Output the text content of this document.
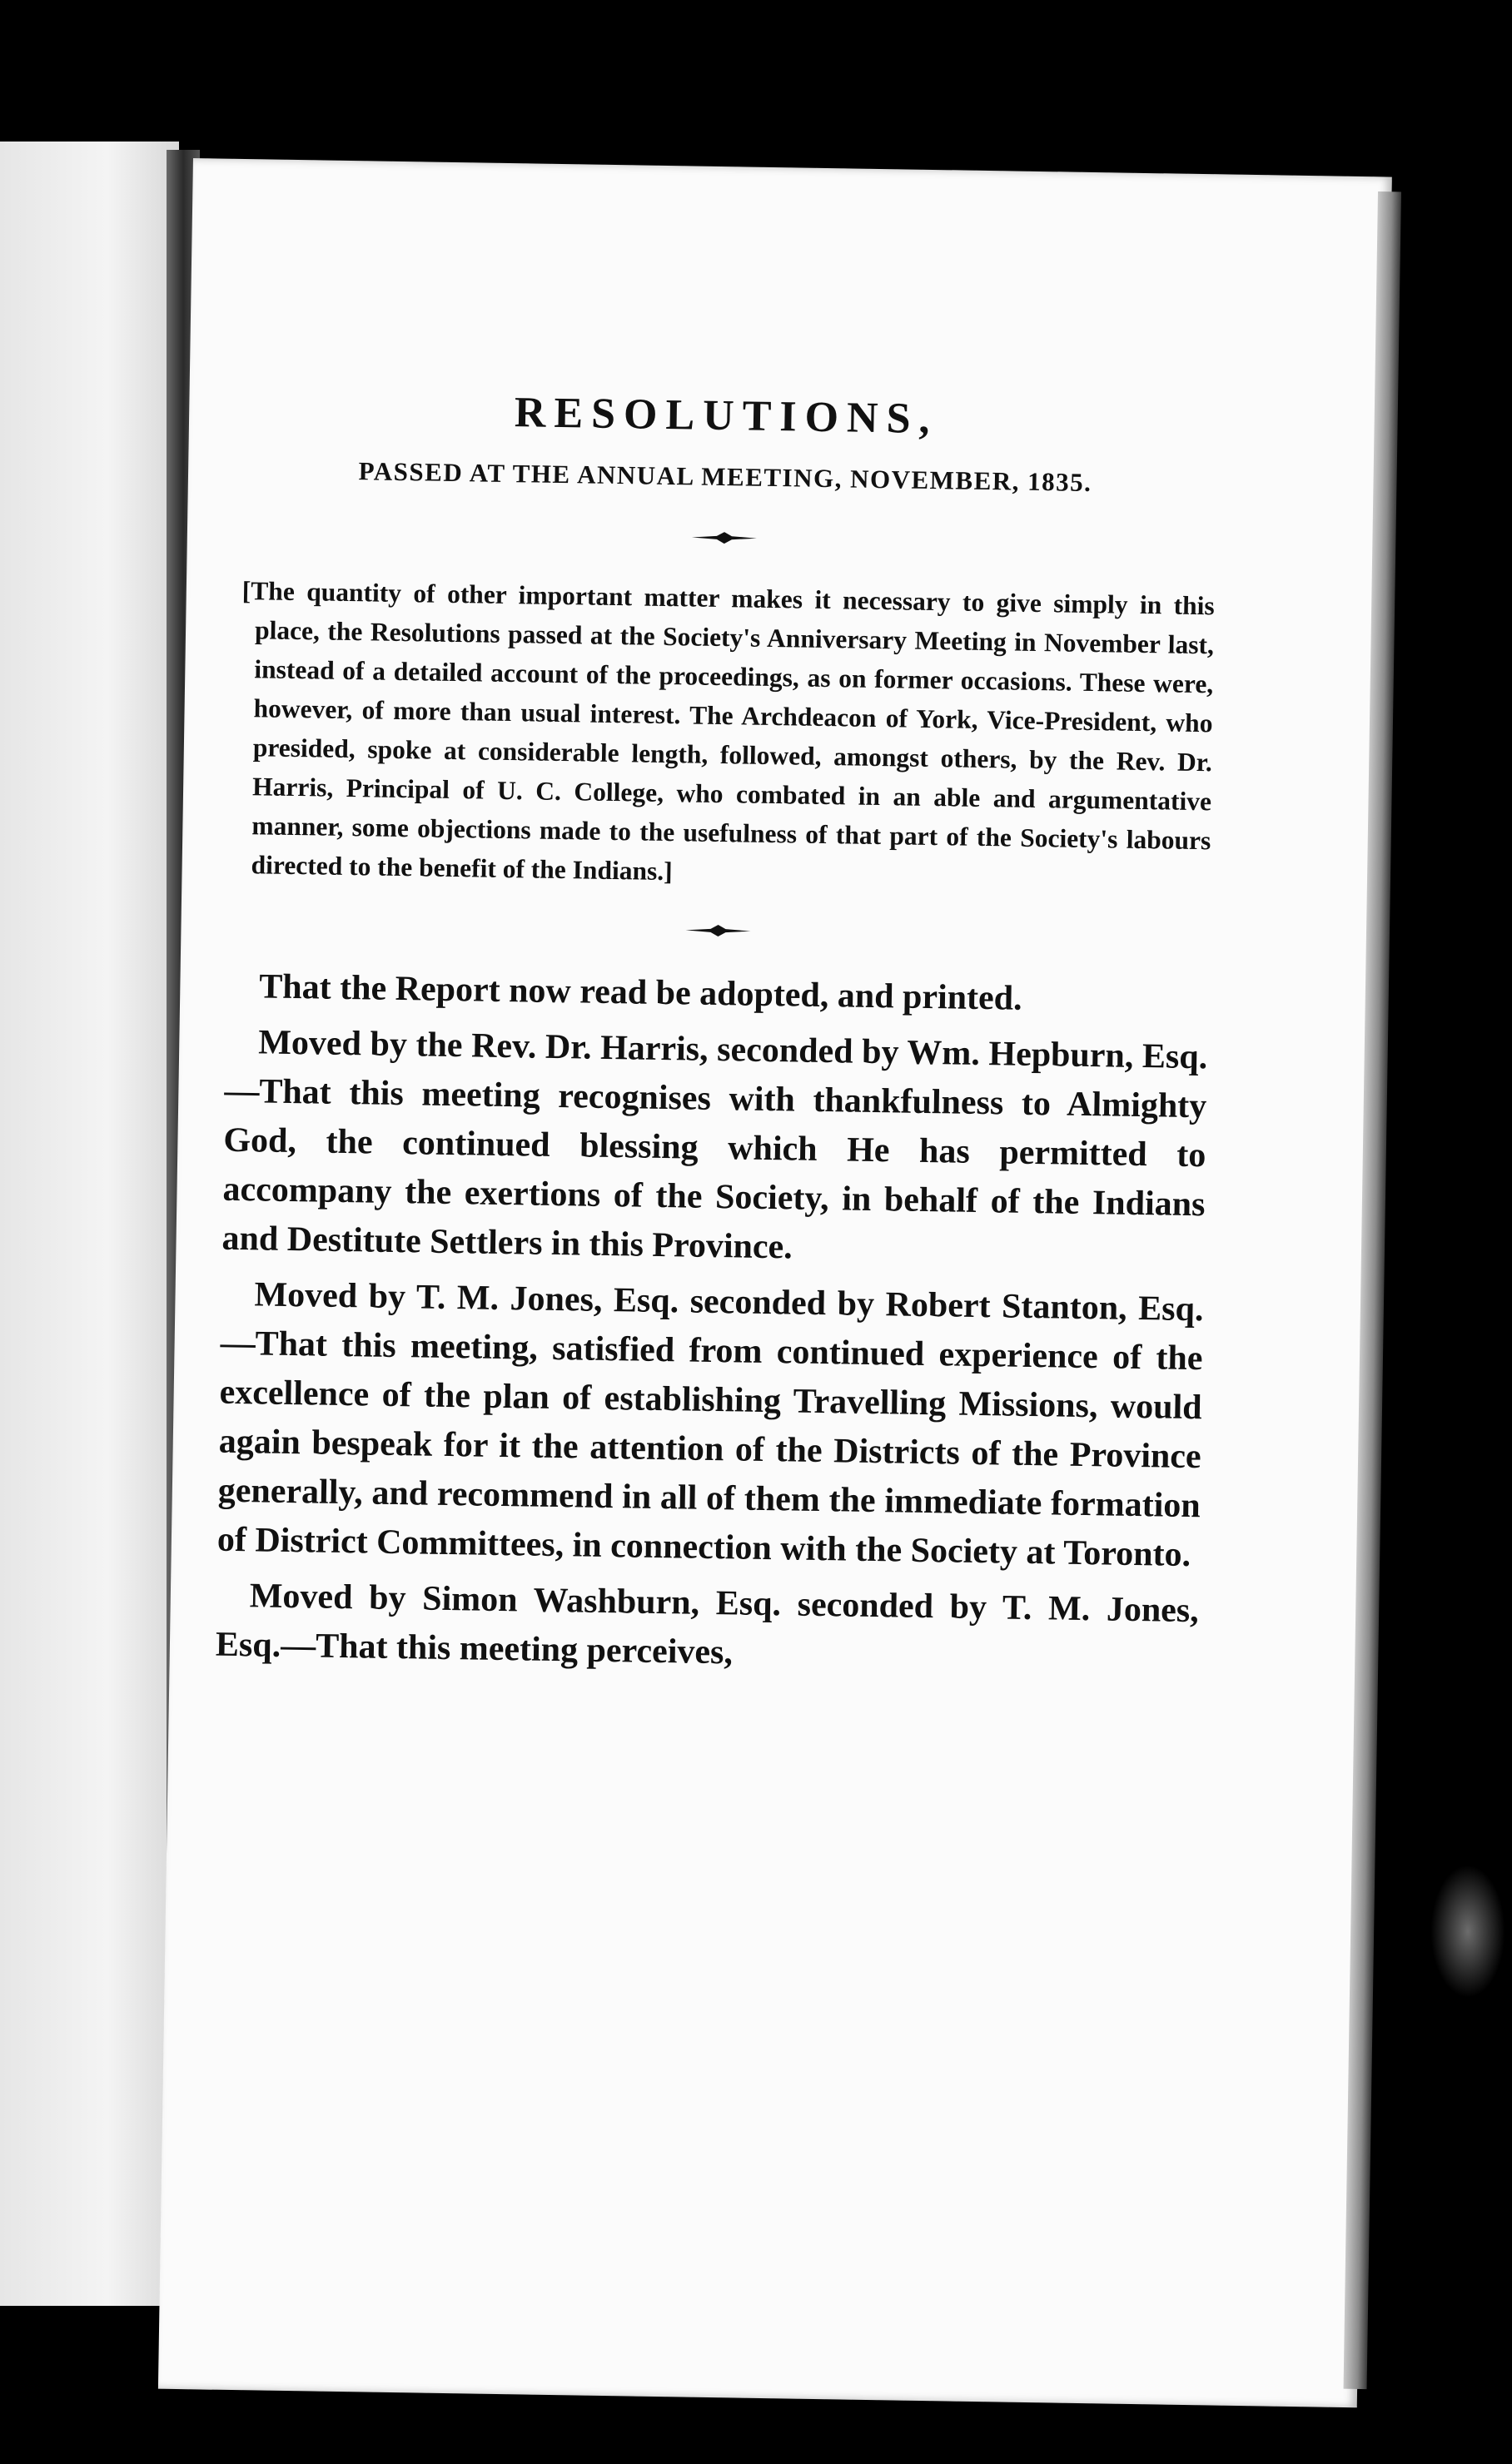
RESOLUTIONS,

PASSED AT THE ANNUAL MEETING, NOVEMBER, 1835.

[The quantity of other important matter makes it necessary to give simply in this place, the Resolutions passed at the Society's Anniversary Meeting in November last, instead of a detailed account of the proceedings, as on former occasions. These were, however, of more than usual interest. The Archdeacon of York, Vice-President, who presided, spoke at considerable length, followed, amongst others, by the Rev. Dr. Harris, Principal of U. C. College, who combated in an able and argumentative manner, some objections made to the usefulness of that part of the Society's labours directed to the benefit of the Indians.]

That the Report now read be adopted, and printed.

Moved by the Rev. Dr. Harris, seconded by Wm. Hepburn, Esq.—That this meeting recognises with thankfulness to Almighty God, the continued blessing which He has permitted to accompany the exertions of the Society, in behalf of the Indians and Destitute Settlers in this Province.

Moved by T. M. Jones, Esq. seconded by Robert Stanton, Esq.—That this meeting, satisfied from continued experience of the excellence of the plan of establishing Travelling Missions, would again bespeak for it the attention of the Districts of the Province generally, and recommend in all of them the immediate formation of District Committees, in connection with the Society at Toronto.

Moved by Simon Washburn, Esq. seconded by T. M. Jones, Esq.—That this meeting perceives,
